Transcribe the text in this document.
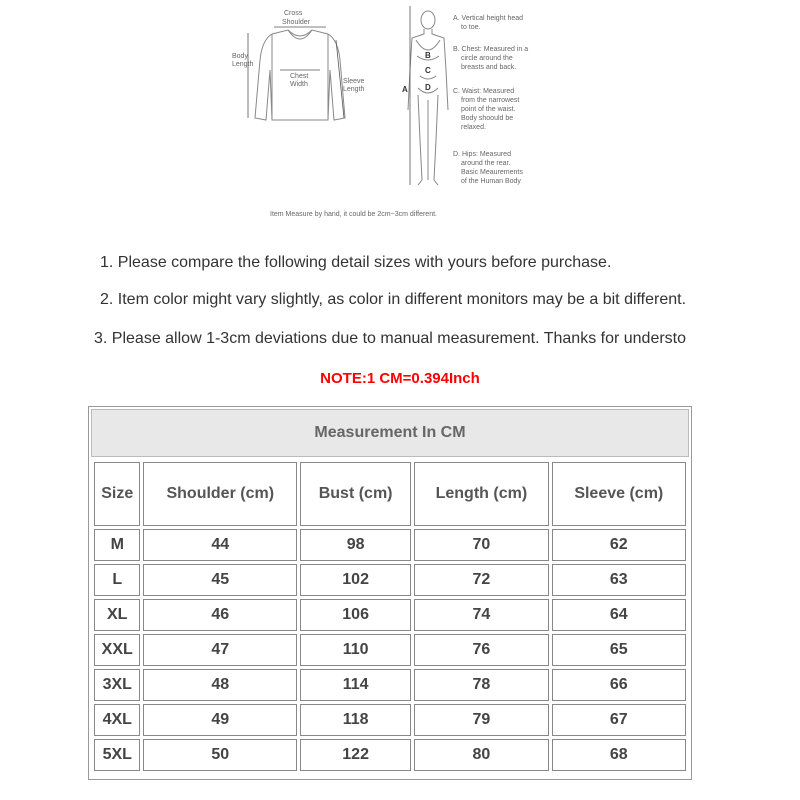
Cross
Shoulder
Body
Length
Chest
Width	Sleeve
Length	A
B
C
D
A. Vertical height head
to toe.
B. Chest: Measured in a
circle around the
breasts and back.
C. Waist: Measured
from the narrowest
point of the waist.
Body shoould be
relaxed.
D. Hips: Measured
around the rear.
Basic Meaurements
of the Human Body
Item Measure by hand, it could be 2cm~3cm different.
1. Please compare the following detail sizes with yours before purchase.
2. Item color might vary slightly, as color in different monitors may be a bit different.
3. Please allow 1-3cm deviations due to manual measurement. Thanks for understo
NOTE:1 CM=0.394Inch
Measurement In CM
Size	Shoulder (cm)	Bust (cm)	Length (cm)	Sleeve (cm)
M	44	98	70	62
L	45	102	72	63
XL	46	106	74	64
XXL	47	110	76	65
3XL	48	114	78	66
4XL	49	118	79	67
5XL	50	122	80	68
